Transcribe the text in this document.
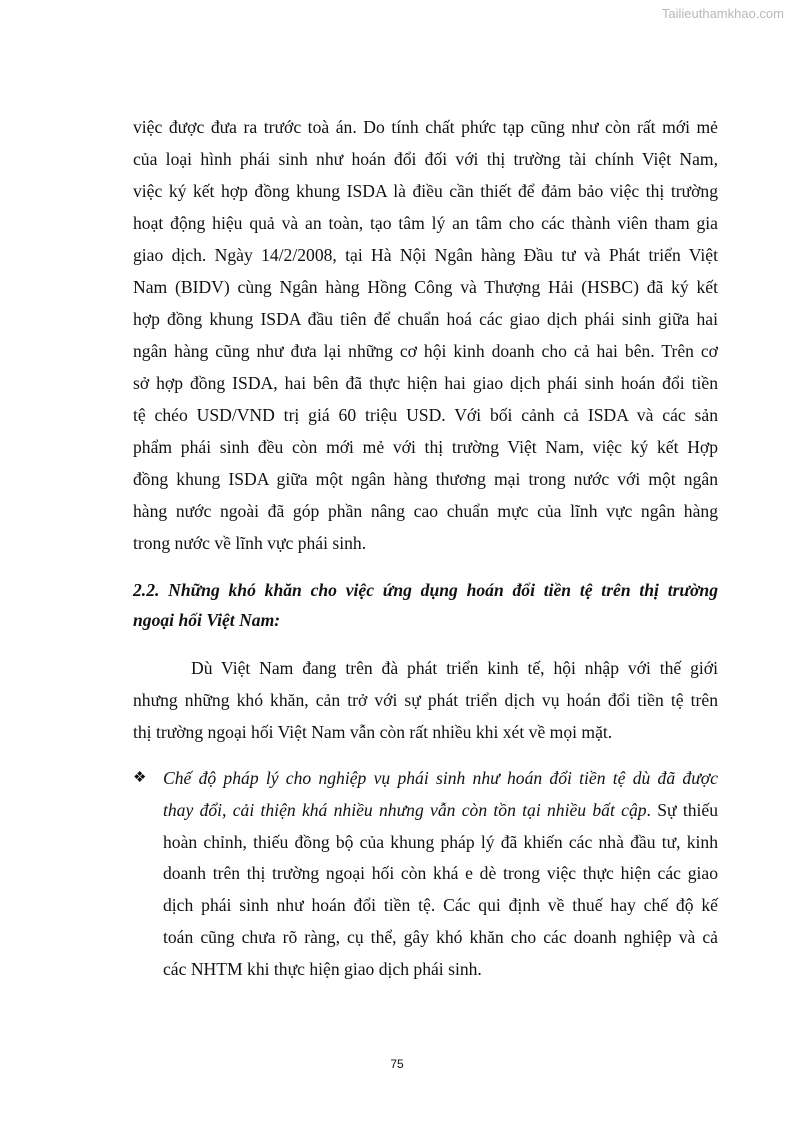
Tailieuthamkhao.com
việc được đưa ra trước toà án. Do tính chất phức tạp cũng như còn rất mới mẻ
của loại hình phái sinh như hoán đổi đối với thị trường tài chính Việt Nam,
việc ký kết hợp đồng khung ISDA là điều cần thiết để đảm bảo việc thị trường
hoạt động hiệu quả và an toàn, tạo tâm lý an tâm cho các thành viên tham gia
giao dịch. Ngày 14/2/2008, tại Hà Nội Ngân hàng Đầu tư và Phát triển Việt
Nam (BIDV) cùng Ngân hàng Hồng Công và Thượng Hải (HSBC) đã ký kết
hợp đồng khung ISDA đầu tiên để chuẩn hoá các giao dịch phái sinh giữa hai
ngân hàng cũng như đưa lại những cơ hội kinh doanh cho cả hai bên. Trên cơ
sở hợp đồng ISDA, hai bên đã thực hiện hai giao dịch phái sinh hoán đổi tiền
tệ chéo USD/VND trị giá 60 triệu USD. Với bối cảnh cả ISDA và các sản
phẩm phái sinh đều còn mới mẻ với thị trường Việt Nam, việc ký kết Hợp
đồng khung ISDA giữa một ngân hàng thương mại trong nước với một ngân
hàng nước ngoài đã góp phần nâng cao chuẩn mực của lĩnh vực ngân hàng
trong nước về lĩnh vực phái sinh.
2.2. Những khó khăn cho việc ứng dụng hoán đổi tiền tệ trên thị trường
ngoại hối Việt Nam:
Dù Việt Nam đang trên đà phát triển kinh tế, hội nhập với thế giới
nhưng những khó khăn, cản trở với sự phát triển dịch vụ hoán đổi tiền tệ trên
thị trường ngoại hối Việt Nam vẫn còn rất nhiều khi xét về mọi mặt.
❖ Chế độ pháp lý cho nghiệp vụ phái sinh như hoán đổi tiền tệ dù đã được
thay đổi, cải thiện khá nhiều nhưng vẫn còn tồn tại nhiều bất cập. Sự thiếu
hoàn chỉnh, thiếu đồng bộ của khung pháp lý đã khiến các nhà đầu tư, kinh
doanh trên thị trường ngoại hối còn khá e dè trong việc thực hiện các giao
dịch phái sinh như hoán đổi tiền tệ. Các qui định về thuế hay chế độ kế
toán cũng chưa rõ ràng, cụ thể, gây khó khăn cho các doanh nghiệp và cả
các NHTM khi thực hiện giao dịch phái sinh.
75
